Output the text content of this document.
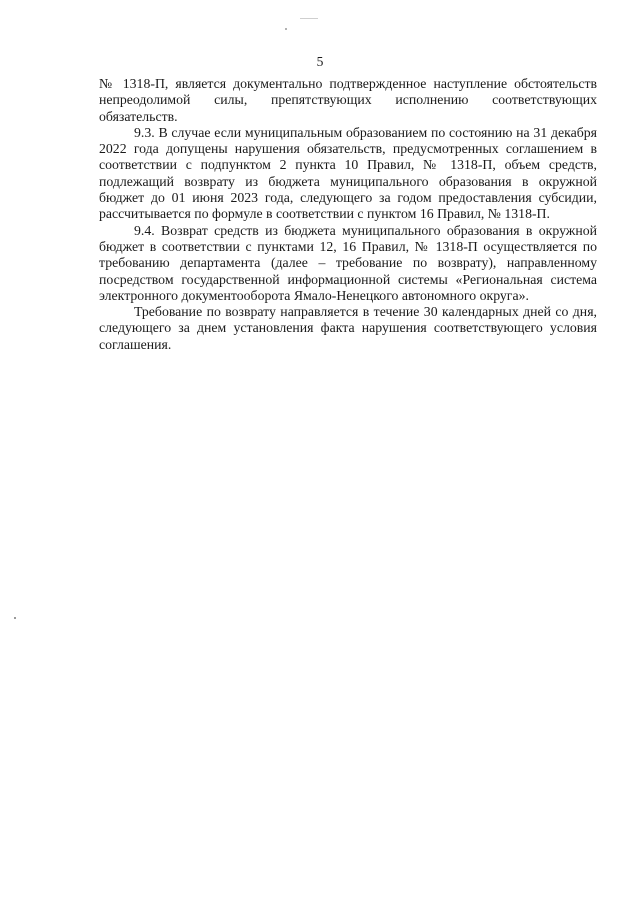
5

№ 1318-П, является документально подтвержденное наступление обстоятельств непреодолимой силы, препятствующих исполнению соответствующих обязательств.

9.3. В случае если муниципальным образованием по состоянию на 31 декабря 2022 года допущены нарушения обязательств, предусмотренных соглашением в соответствии с подпунктом 2 пункта 10 Правил, № 1318-П, объем средств, подлежащий возврату из бюджета муниципального образования в окружной бюджет до 01 июня 2023 года, следующего за годом предоставления субсидии, рассчитывается по формуле в соответствии с пунктом 16 Правил, № 1318-П.

9.4. Возврат средств из бюджета муниципального образования в окружной бюджет в соответствии с пунктами 12, 16 Правил, № 1318-П осуществляется по требованию департамента (далее – требование по возврату), направленному посредством государственной информационной системы «Региональная система электронного документооборота Ямало-Ненецкого автономного округа».

Требование по возврату направляется в течение 30 календарных дней со дня, следующего за днем установления факта нарушения соответствующего условия соглашения.
